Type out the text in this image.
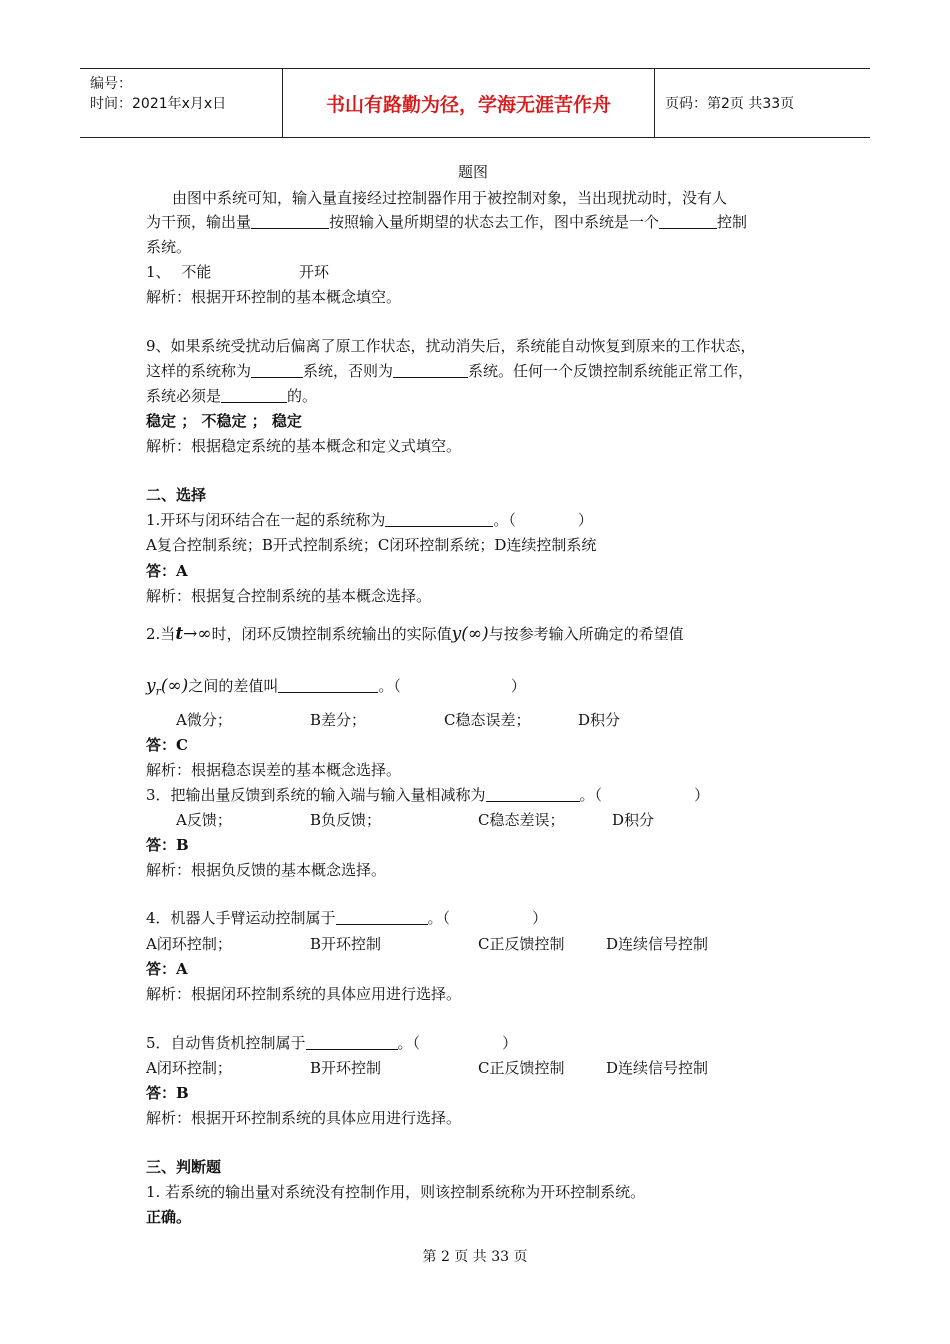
编号：
时间：2021年x月x日	书山有路勤为径，学海无涯苦作舟	页码：第2页 共33页
题图
由图中系统可知，输入量直接经过控制器作用于被控制对象，当出现扰动时，没有人
为干预，输出量	按照输入量所期望的状态去工作，图中系统是一个	控制
系统。
1、 不能	开环
解析：根据开环控制的基本概念填空。
9、如果系统受扰动后偏离了原工作状态，扰动消失后，系统能自动恢复到原来的工作状态，
这样的系统称为	系统，否则为	系统。任何一个反馈控制系统能正常工作，
系统必须是	的。
稳定 ； 不稳定 ； 稳定
解析：根据稳定系统的基本概念和定义式填空。
二、选择
1.开环与闭环结合在一起的系统称为	。（	）
A复合控制系统；B开式控制系统；C闭环控制系统；D连续控制系统
答：A
解析：根据复合控制系统的基本概念选择。
2.当t→∞时，闭环反馈控制系统输出的实际值y(∞)与按参考输入所确定的希望值
$y_r(\infty)$之间的差值叫	。（	）
A微分；	B差分；	C稳态误差；	D积分
答：C
解析：根据稳态误差的基本概念选择。
3．把输出量反馈到系统的输入端与输入量相减称为	。（	）
A反馈；	B负反馈；	C稳态差误；	D积分
答：B
解析：根据负反馈的基本概念选择。
4．机器人手臂运动控制属于	。（	）
A闭环控制；	B开环控制	C正反馈控制	D连续信号控制
答：A
解析：根据闭环控制系统的具体应用进行选择。
5．自动售货机控制属于	。（	）
A闭环控制；	B开环控制	C正反馈控制	D连续信号控制
答：B
解析：根据开环控制系统的具体应用进行选择。
三、判断题
1. 若系统的输出量对系统没有控制作用，则该控制系统称为开环控制系统。
正确。
第 2 页 共 33 页
